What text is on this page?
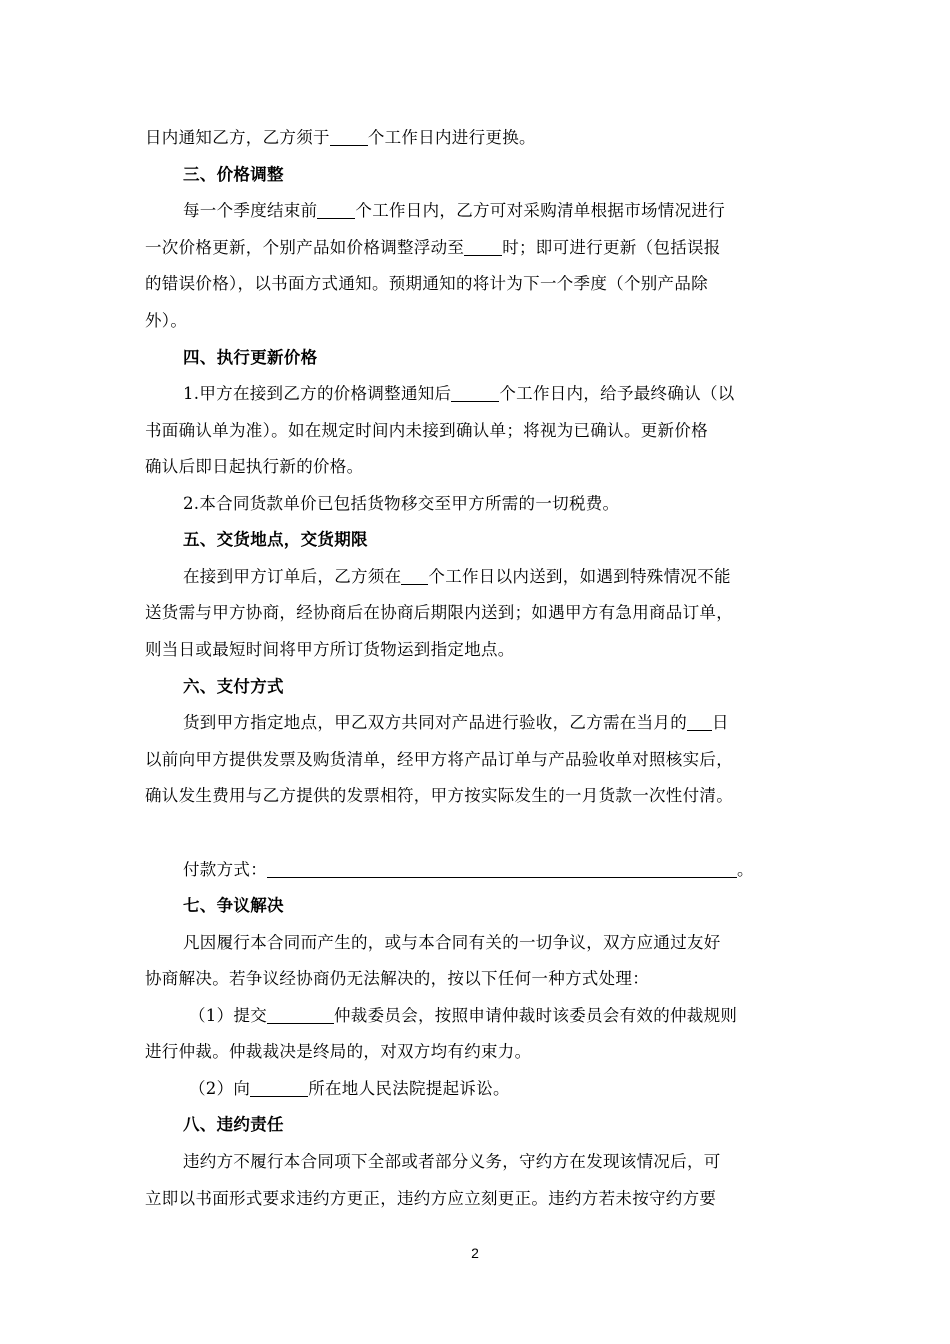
日内通知乙方，乙方须于 个工作日内进行更换。
三、价格调整
每一个季度结束前 个工作日内，乙方可对采购清单根据市场情况进行
一次价格更新，个别产品如价格调整浮动至 时；即可进行更新（包括误报
的错误价格），以书面方式通知。预期通知的将计为下一个季度（个别产品除
外）。
四、执行更新价格
1.甲方在接到乙方的价格调整通知后	个工作日内，给予最终确认（以
书面确认单为准）。如在规定时间内未接到确认单；将视为已确认。更新价格
确认后即日起执行新的价格。
2.本合同货款单价已包括货物移交至甲方所需的一切税费。
五、交货地点，交货期限
在接到甲方订单后，乙方须在 个工作日以内送到，如遇到特殊情况不能
送货需与甲方协商，经协商后在协商后期限内送到；如遇甲方有急用商品订单，
则当日或最短时间将甲方所订货物运到指定地点。
六、支付方式
货到甲方指定地点，甲乙双方共同对产品进行验收，乙方需在当月的 日
以前向甲方提供发票及购货清单，经甲方将产品订单与产品验收单对照核实后，
确认发生费用与乙方提供的发票相符，甲方按实际发生的一月货款一次性付清。
付款方式：	。
七、争议解决
凡因履行本合同而产生的，或与本合同有关的一切争议，双方应通过友好
协商解决。若争议经协商仍无法解决的，按以下任何一种方式处理：
（1）提交	仲裁委员会，按照申请仲裁时该委员会有效的仲裁规则
进行仲裁。仲裁裁决是终局的，对双方均有约束力。
（2）向	所在地人民法院提起诉讼。
八、违约责任
违约方不履行本合同项下全部或者部分义务，守约方在发现该情况后，可
立即以书面形式要求违约方更正，违约方应立刻更正。违约方若未按守约方要
2
